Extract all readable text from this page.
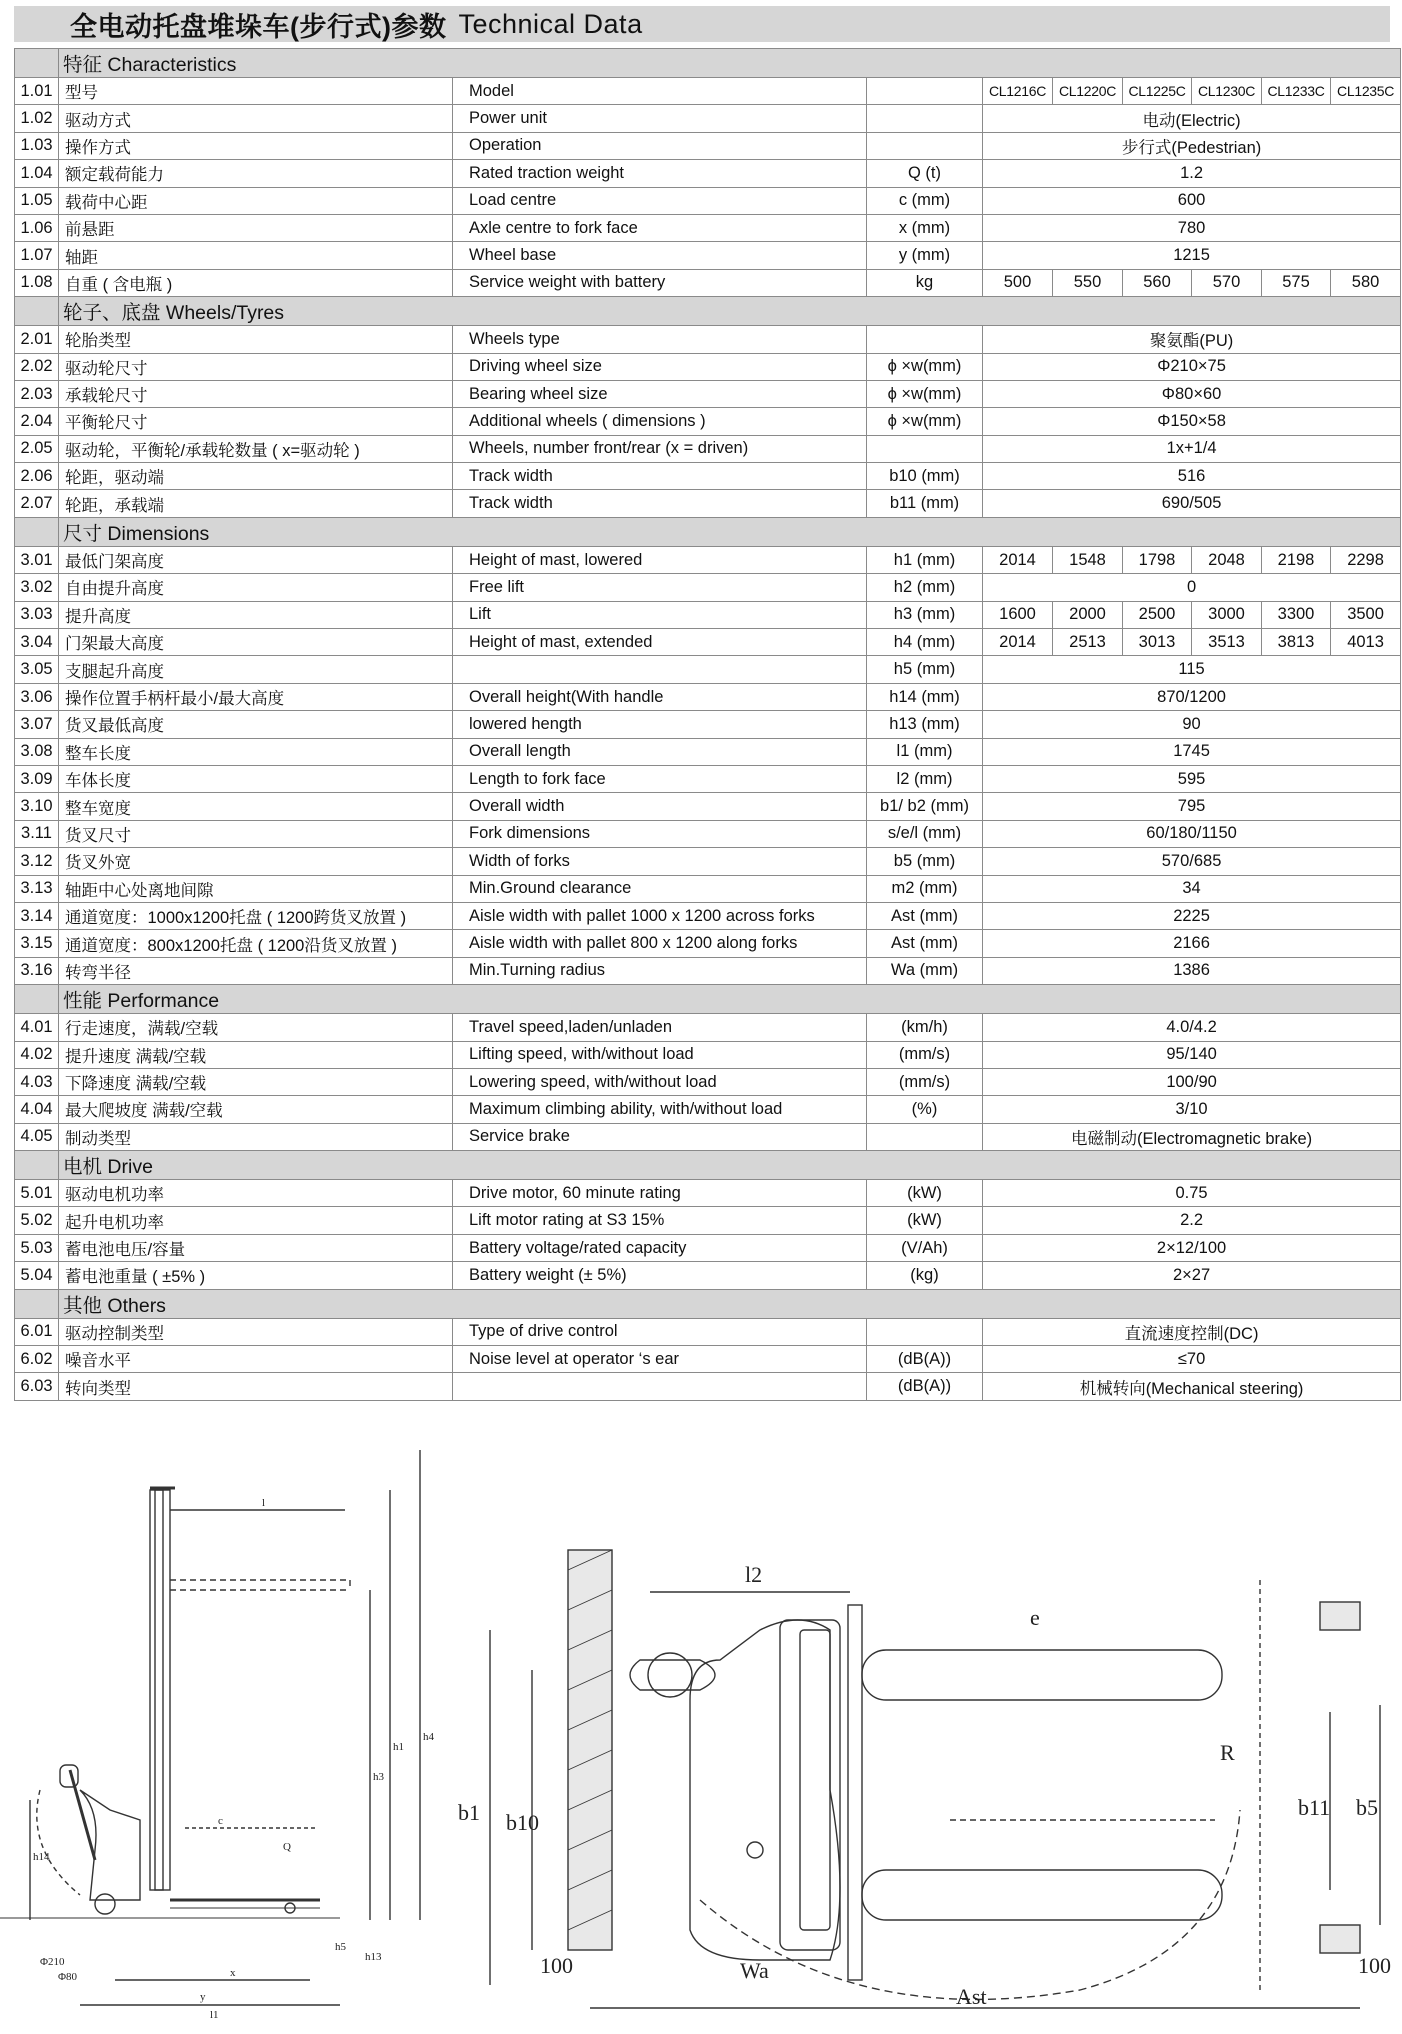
全电动托盘堆垛车(步行式)参数 Technical Data
	特征 Characteristics								
1.01	型号	Model		CL1216C	CL1220C	CL1225C	CL1230C	CL1233C	CL1235C
1.02	驱动方式	Power unit		电动(Electric)					
1.03	操作方式	Operation		步行式(Pedestrian)					
1.04	额定载荷能力	Rated traction weight	Q (t)	1.2					
1.05	载荷中心距	Load centre	c (mm)	600					
1.06	前悬距	Axle centre to fork face	x (mm)	780					
1.07	轴距	Wheel base	y (mm)	1215					
1.08	自重 ( 含电瓶 )	Service weight with battery	kg	500	550	560	570	575	580
	轮子、底盘 Wheels/Tyres								
2.01	轮胎类型	Wheels type		聚氨酯(PU)					
2.02	驱动轮尺寸	Driving wheel size	ϕ ×w(mm)	Φ210×75					
2.03	承载轮尺寸	Bearing wheel size	ϕ ×w(mm)	Φ80×60					
2.04	平衡轮尺寸	Additional wheels ( dimensions )	ϕ ×w(mm)	Φ150×58					
2.05	驱动轮，平衡轮/承载轮数量 ( x=驱动轮 )	Wheels, number front/rear (x = driven)		1x+1/4					
2.06	轮距，驱动端	Track width	b10 (mm)	516					
2.07	轮距，承载端	Track width	b11 (mm)	690/505					
	尺寸 Dimensions								
3.01	最低门架高度	Height of mast, lowered	h1 (mm)	2014	1548	1798	2048	2198	2298
3.02	自由提升高度	Free lift	h2 (mm)	0					
3.03	提升高度	Lift	h3 (mm)	1600	2000	2500	3000	3300	3500
3.04	门架最大高度	Height of mast, extended	h4 (mm)	2014	2513	3013	3513	3813	4013
3.05	支腿起升高度		h5 (mm)	115					
3.06	操作位置手柄杆最小/最大高度	Overall height(With handle	h14 (mm)	870/1200					
3.07	货叉最低高度	lowered hength	h13 (mm)	90					
3.08	整车长度	Overall length	l1 (mm)	1745					
3.09	车体长度	Length to fork face	l2 (mm)	595					
3.10	整车宽度	Overall width	b1/ b2 (mm)	795					
3.11	货叉尺寸	Fork dimensions	s/e/l (mm)	60/180/1150					
3.12	货叉外宽	Width of forks	b5 (mm)	570/685					
3.13	轴距中心处离地间隙	Min.Ground clearance	m2 (mm)	34					
3.14	通道宽度：1000x1200托盘 ( 1200跨货叉放置 )	Aisle width with pallet 1000 x 1200 across forks	Ast (mm)	2225					
3.15	通道宽度：800x1200托盘 ( 1200沿货叉放置 )	Aisle width with pallet 800 x 1200 along forks	Ast (mm)	2166					
3.16	转弯半径	Min.Turning radius	Wa (mm)	1386					
	性能 Performance								
4.01	行走速度，满载/空载	Travel speed,laden/unladen	(km/h)	4.0/4.2					
4.02	提升速度 满载/空载	Lifting speed, with/without load	(mm/s)	95/140					
4.03	下降速度 满载/空载	Lowering speed, with/without load	(mm/s)	100/90					
4.04	最大爬坡度 满载/空载	Maximum climbing ability, with/without load	(%)	3/10					
4.05	制动类型	Service brake		电磁制动(Electromagnetic brake)					
	电机 Drive								
5.01	驱动电机功率	Drive motor, 60 minute rating	(kW)	0.75					
5.02	起升电机功率	Lift motor rating at S3 15%	(kW)	2.2					
5.03	蓄电池电压/容量	Battery voltage/rated capacity	(V/Ah)	2×12/100					
5.04	蓄电池重量 ( ±5% )	Battery weight (± 5%)	(kg)	2×27					
	其他 Others								
6.01	驱动控制类型	Type of drive control		直流速度控制(DC)					
6.02	噪音水平	Noise level at operator ‘s ear	(dB(A))	≤70					
6.03	转向类型		(dB(A))	机械转向(Mechanical steering)					
l
h4
h1
h3
h14
c
Q
x
y
l1
h5
h13
Φ210
Φ80
l2
e
b1 b10
b11 b5
R
Wa
Ast
100	100
